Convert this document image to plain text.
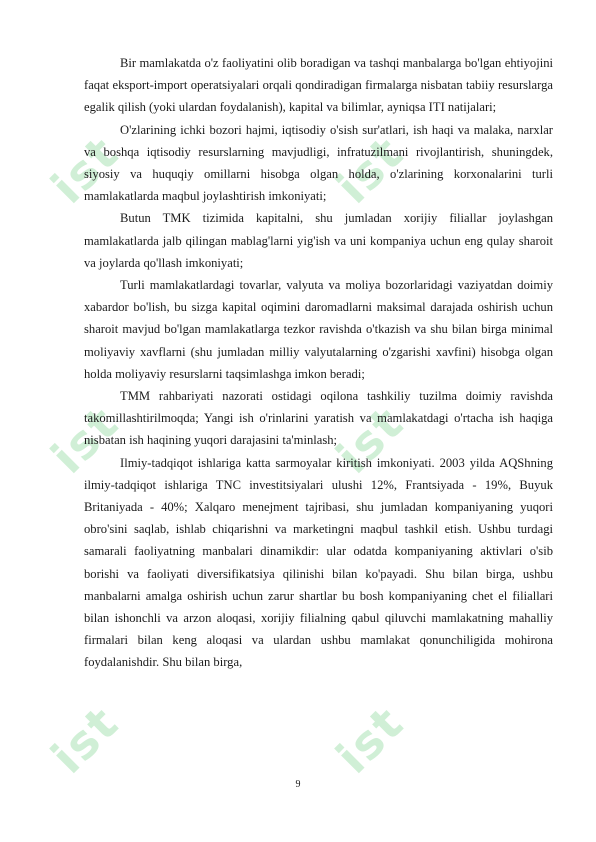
ist	ist
ist	ist
ist	ist

Bir mamlakatda o'z faoliyatini olib boradigan va tashqi manbalarga bo'lgan ehtiyojini faqat eksport-import operatsiyalari orqali qondiradigan firmalarga nisbatan tabiiy resurslarga egalik qilish (yoki ulardan foydalanish), kapital va bilimlar, ayniqsa ITI natijalari;

O'zlarining ichki bozori hajmi, iqtisodiy o'sish sur'atlari, ish haqi va malaka, narxlar va boshqa iqtisodiy resurslarning mavjudligi, infratuzilmani rivojlantirish, shuningdek, siyosiy va huquqiy omillarni hisobga olgan holda, o'zlarining korxonalarini turli mamlakatlarda maqbul joylashtirish imkoniyati;

Butun TMK tizimida kapitalni, shu jumladan xorijiy filiallar joylashgan mamlakatlarda jalb qilingan mablag'larni yig'ish va uni kompaniya uchun eng qulay sharoit va joylarda qo'llash imkoniyati;

Turli mamlakatlardagi tovarlar, valyuta va moliya bozorlaridagi vaziyatdan doimiy xabardor bo'lish, bu sizga kapital oqimini daromadlarni maksimal darajada oshirish uchun sharoit mavjud bo'lgan mamlakatlarga tezkor ravishda o'tkazish va shu bilan birga minimal moliyaviy xavflarni (shu jumladan milliy valyutalarning o'zgarishi xavfini) hisobga olgan holda moliyaviy resurslarni taqsimlashga imkon beradi;

TMM rahbariyati nazorati ostidagi oqilona tashkiliy tuzilma doimiy ravishda takomillashtirilmoqda; Yangi ish o'rinlarini yaratish va mamlakatdagi o'rtacha ish haqiga nisbatan ish haqining yuqori darajasini ta'minlash;

Ilmiy-tadqiqot ishlariga katta sarmoyalar kiritish imkoniyati. 2003 yilda AQShning ilmiy-tadqiqot ishlariga TNC investitsiyalari ulushi 12%, Frantsiyada - 19%, Buyuk Britaniyada - 40%; Xalqaro menejment tajribasi, shu jumladan kompaniyaning yuqori obro'sini saqlab, ishlab chiqarishni va marketingni maqbul tashkil etish. Ushbu turdagi samarali faoliyatning manbalari dinamikdir: ular odatda kompaniyaning aktivlari o'sib borishi va faoliyati diversifikatsiya qilinishi bilan ko'payadi. Shu bilan birga, ushbu manbalarni amalga oshirish uchun zarur shartlar bu bosh kompaniyaning chet el filiallari bilan ishonchli va arzon aloqasi, xorijiy filialning qabul qiluvchi mamlakatning mahalliy firmalari bilan keng aloqasi va ulardan ushbu mamlakat qonunchiligida mohirona foydalanishdir. Shu bilan birga,

9
